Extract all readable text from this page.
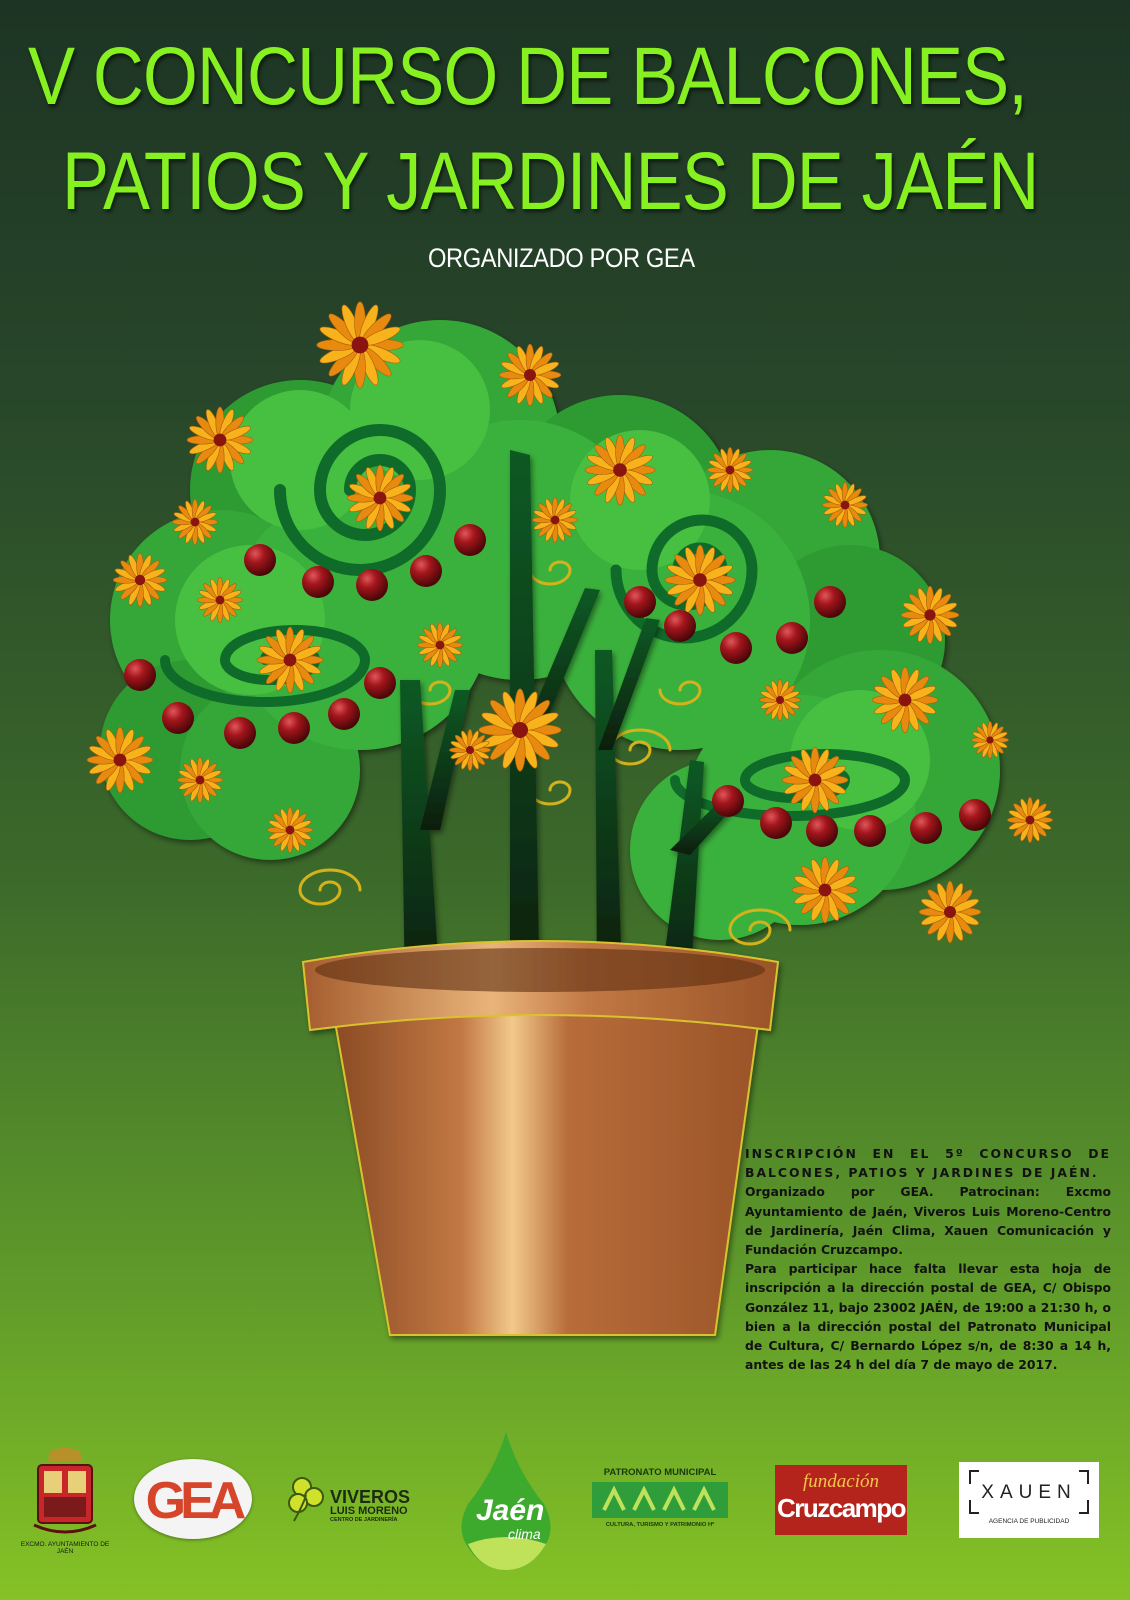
V CONCURSO DE BALCONES,
PATIOS Y JARDINES DE JAÉN
ORGANIZADO POR GEA

INSCRIPCIÓN EN EL 5º CONCURSO DE BALCONES, PATIOS Y JARDINES DE JAÉN.

Organizado por GEA. Patrocinan: Excmo Ayuntamiento de Jaén, Viveros Luis Moreno-Centro de Jardinería, Jaén Clima, Xauen Comunicación y Fundación Cruzcampo.

Para participar hace falta llevar esta hoja de inscripción a la dirección postal de GEA, C/ Obispo González 11, bajo 23002 JAÉN, de 19:00 a 21:30 h, o bien a la dirección postal del Patronato Municipal de Cultura, C/ Bernardo López s/n, de 8:30 a 14 h, antes de las 24 h del día 7 de mayo de 2017.

EXCMO. AYUNTAMIENTO DE JAÉN
GEA	VIVEROS
LUIS MORENO
CENTRO DE JARDINERÍA	Jaén
clima
PATRONATO MUNICIPAL
CULTURA, TURISMO Y PATRIMONIO Hº
fundación
Cruzcampo
XAUEN
AGENCIA DE PUBLICIDAD
